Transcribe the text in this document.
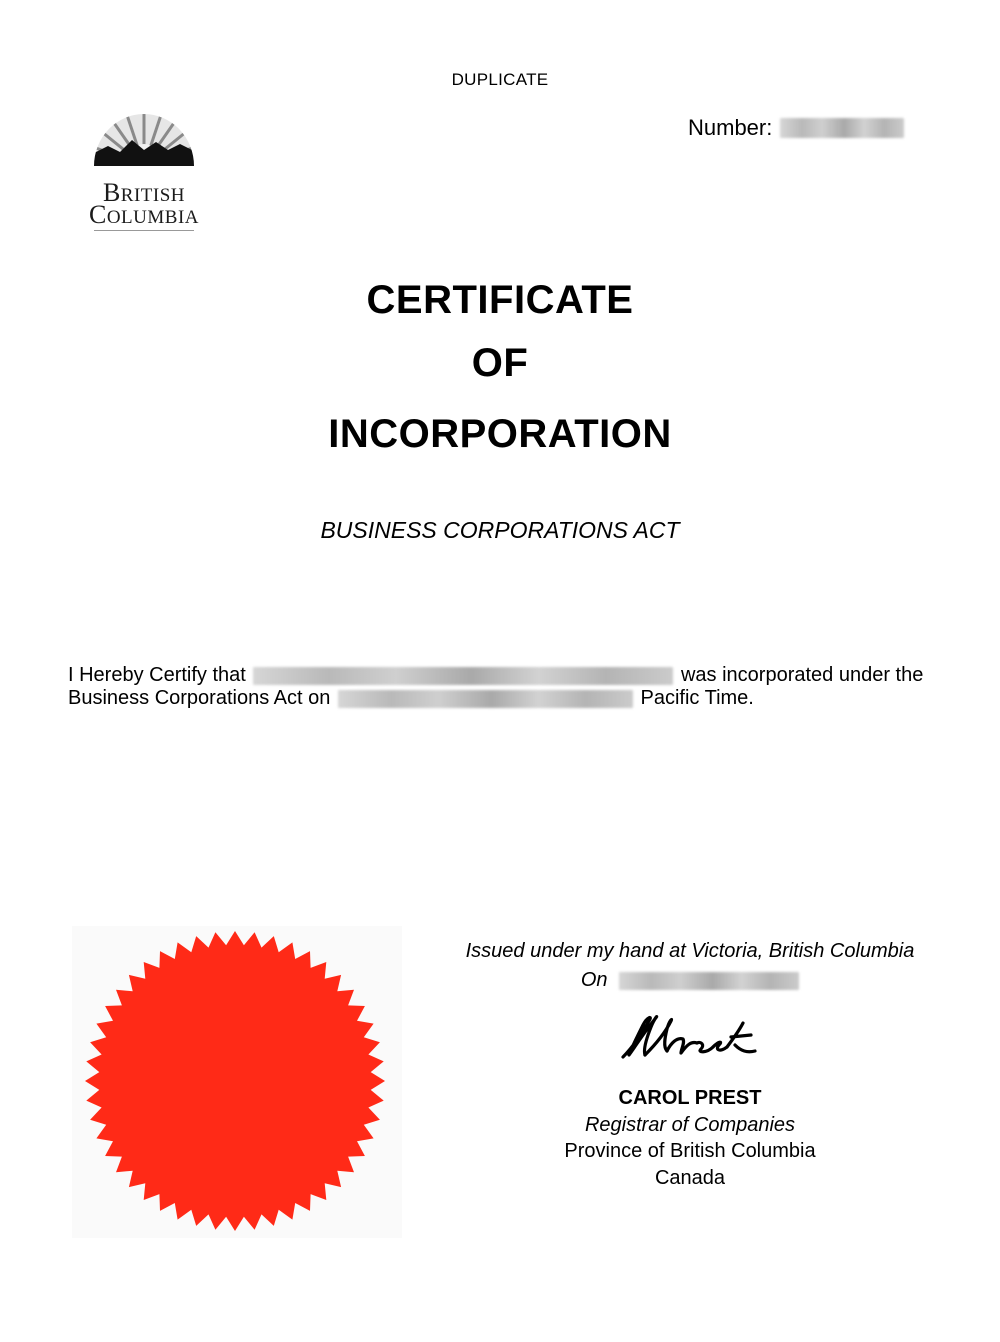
DUPLICATE
BRITISH
COLUMBIA
Number:
CERTIFICATE
OF
INCORPORATION
BUSINESS CORPORATIONS ACT
I Hereby Certify that	was incorporated under the Business Corporations Act on	Pacific Time.
Issued under my hand at Victoria, British Columbia
On
CAROL PREST
Registrar of Companies
Province of British Columbia
Canada
